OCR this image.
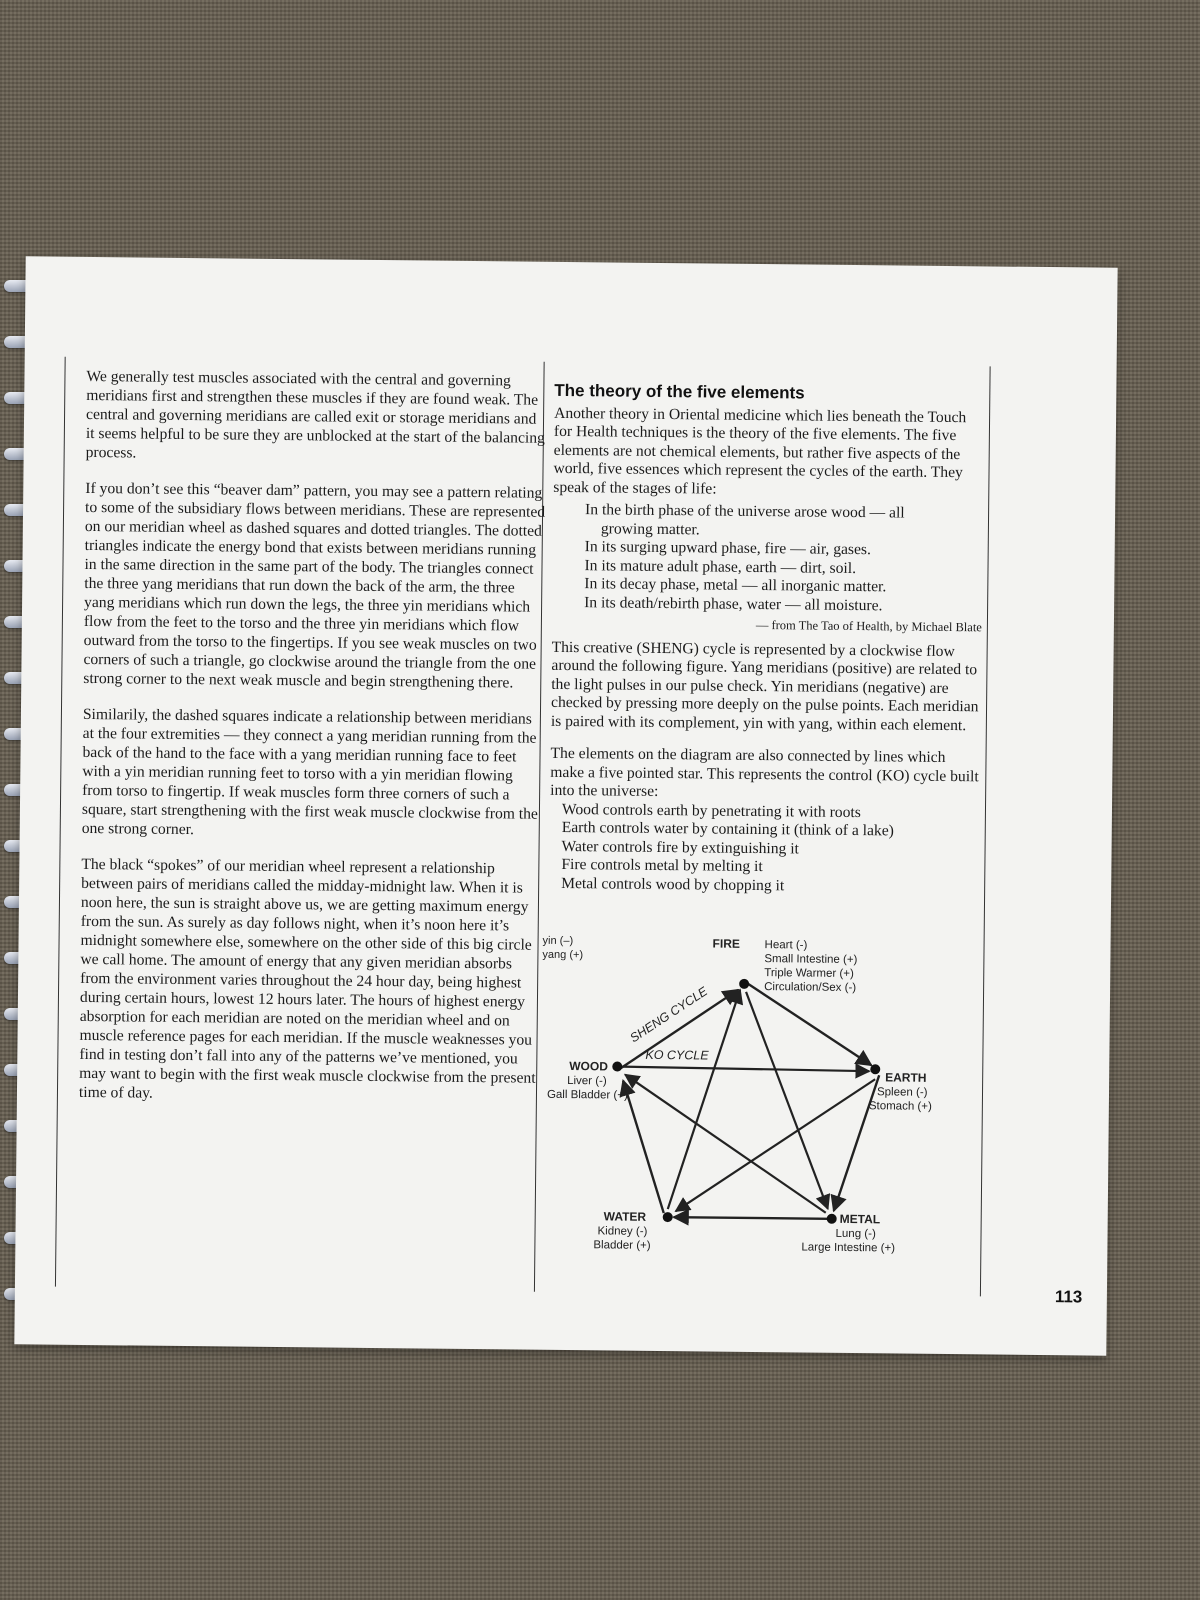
We generally test muscles associated with the central and governing meridians first and strengthen these muscles if they are found weak. The central and governing meridians are called exit or storage meridians and it seems helpful to be sure they are unblocked at the start of the balancing process.

If you don’t see this “beaver dam” pattern, you may see a pattern relating to some of the subsidiary flows between meridians. These are represented on our meridian wheel as dashed squares and dotted triangles. The dotted triangles indicate the energy bond that exists between meridians running in the same direction in the same part of the body. The triangles connect the three yang meridians that run down the back of the arm, the three yang meridians which run down the legs, the three yin meridians which flow from the feet to the torso and the three yin meridians which flow outward from the torso to the fingertips. If you see weak muscles on two corners of such a triangle, go clockwise around the triangle from the one strong corner to the next weak muscle and begin strengthening there.

Similarily, the dashed squares indicate a relationship between meridians at the four extremities — they connect a yang meridian running from the back of the hand to the face with a yang meridian running face to feet with a yin meridian running feet to torso with a yin meridian flowing from torso to fingertip. If weak muscles form three corners of such a square, start strengthening with the first weak muscle clockwise from the one strong corner.

The black “spokes” of our meridian wheel represent a relationship between pairs of meridians called the midday-midnight law. When it is noon here, the sun is straight above us, we are getting maximum energy from the sun. As surely as day follows night, when it’s noon here it’s midnight somewhere else, somewhere on the other side of this big circle we call home. The amount of energy that any given meridian absorbs from the environment varies throughout the 24 hour day, being highest during certain hours, lowest 12 hours later. The hours of highest energy absorption for each meridian are noted on the meridian wheel and on muscle reference pages for each meridian. If the muscle weaknesses you find in testing don’t fall into any of the patterns we’ve mentioned, you may want to begin with the first weak muscle clockwise from the present time of day.

The theory of the five elements

Another theory in Oriental medicine which lies beneath the Touch for Health techniques is the theory of the five elements. The five elements are not chemical elements, but rather five aspects of the world, five essences which represent the cycles of the earth. They speak of the stages of life:

In the birth phase of the universe arose wood — all
growing matter.
In its surging upward phase, fire — air, gases.
In its mature adult phase, earth — dirt, soil.
In its decay phase, metal — all inorganic matter.
In its death/rebirth phase, water — all moisture.
— from The Tao of Health, by Michael Blate

This creative (SHENG) cycle is represented by a clockwise flow around the following figure. Yang meridians (positive) are related to the light pulses in our pulse check. Yin meridians (negative) are checked by pressing more deeply on the pulse points. Each meridian is paired with its complement, yin with yang, within each element.

The elements on the diagram are also connected by lines which make a five pointed star. This represents the control (KO) cycle built into the universe:

Wood controls earth by penetrating it with roots
Earth controls water by containing it (think of a lake)
Water controls fire by extinguishing it
Fire controls metal by melting it
Metal controls wood by chopping it
yin (–)
yang (+)
SHENG CYCLE
KO CYCLE
FIRE Heart (-)
Small Intestine (+)
Triple Warmer (+)
Circulation/Sex (-)
EARTH
Spleen (-)
Stomach (+)
METAL
Lung (-)
Large Intestine (+)
WATER
Kidney (-)
Bladder (+)
WOOD
Liver (-)
Gall Bladder (+)
113
